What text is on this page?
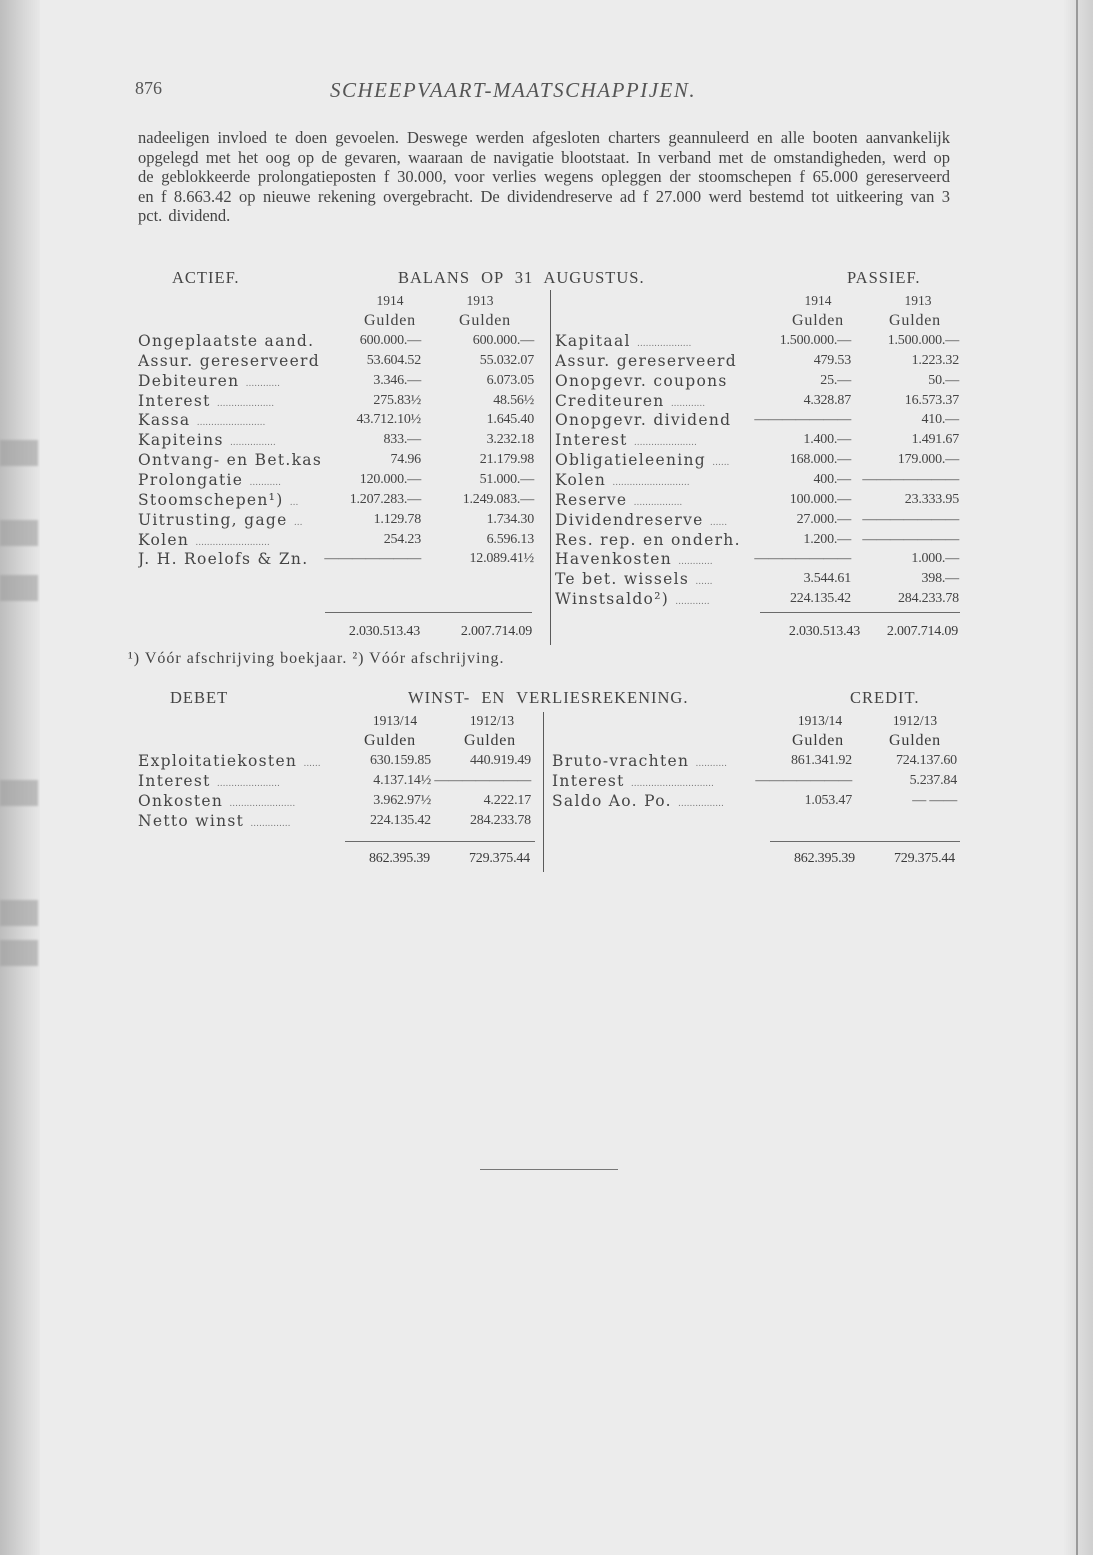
876	SCHEEPVAART-MAATSCHAPPIJEN.
nadeeligen invloed te doen gevoelen. Deswege werden afgesloten charters geannuleerd en alle booten aanvankelijk opgelegd met het oog op de gevaren, waaraan de navigatie blootstaat. In verband met de omstandigheden, werd op de geblokkeerde prolongatieposten f 30.000, voor verlies wegens opleggen der stoomschepen f 65.000 gereserveerd en f 8.663.42 op nieuwe rekening overgebracht. De dividendreserve ad f 27.000 werd bestemd tot uitkeering van 3 pct. dividend.
ACTIEF.	BALANS OP 31 AUGUSTUS.	PASSIEF.
1914	1913
Gulden	Gulden
1914	1913
Gulden	Gulden
Ongeplaatste aand.	600.000.—	600.000.—
Assur. gereserveerd	53.604.52	55.032.07
Debiteuren ............	3.346.—	6.073.05
Interest ....................	275.83½	48.56½
Kassa ........................	43.712.10½	1.645.40
Kapiteins ................	833.—	3.232.18
Ontvang- en Bet.kas	74.96	21.179.98
Prolongatie ...........	120.000.—	51.000.—
Stoomschepen¹) ...	1.207.283.—	1.249.083.—
Uitrusting, gage ...	1.129.78	1.734.30
Kolen ..........................	254.23	6.596.13
J. H. Roelofs & Zn.	———————	12.089.41½
Kapitaal ...................	1.500.000.—	1.500.000.—
Assur. gereserveerd	479.53	1.223.32
Onopgevr. coupons	25.—	50.—
Crediteuren ............	4.328.87	16.573.37
Onopgevr. dividend	———————	410.—
Interest ......................	1.400.—	1.491.67
Obligatieleening ......	168.000.—	179.000.—
Kolen ...........................	400.— ———————
Reserve .................	100.000.—	23.333.95
Dividendreserve ......	27.000.— ———————
Res. rep. en onderh.	1.200.— ———————
Havenkosten ............	———————	1.000.—
Te bet. wissels ......	3.544.61	398.—
Winstsaldo²) ............	224.135.42	284.233.78
2.030.513.43	2.007.714.09	2.030.513.43	2.007.714.09
¹) Vóór afschrijving boekjaar. ²) Vóór afschrijving.
DEBET	WINST- EN VERLIESREKENING.	CREDIT.
1913/14	1912/13
Gulden	Gulden
1913/14	1912/13
Gulden	Gulden
Exploitatiekosten ......	630.159.85	440.919.49
Interest ......................	4.137.14½ ———————
Onkosten .......................	3.962.97½	4.222.17
Netto winst ..............	224.135.42	284.233.78
Bruto-vrachten ...........	861.341.92	724.137.60
Interest .............................	———————	5.237.84
Saldo Ao. Po. ................	1.053.47	— ——
862.395.39	729.375.44	862.395.39	729.375.44
